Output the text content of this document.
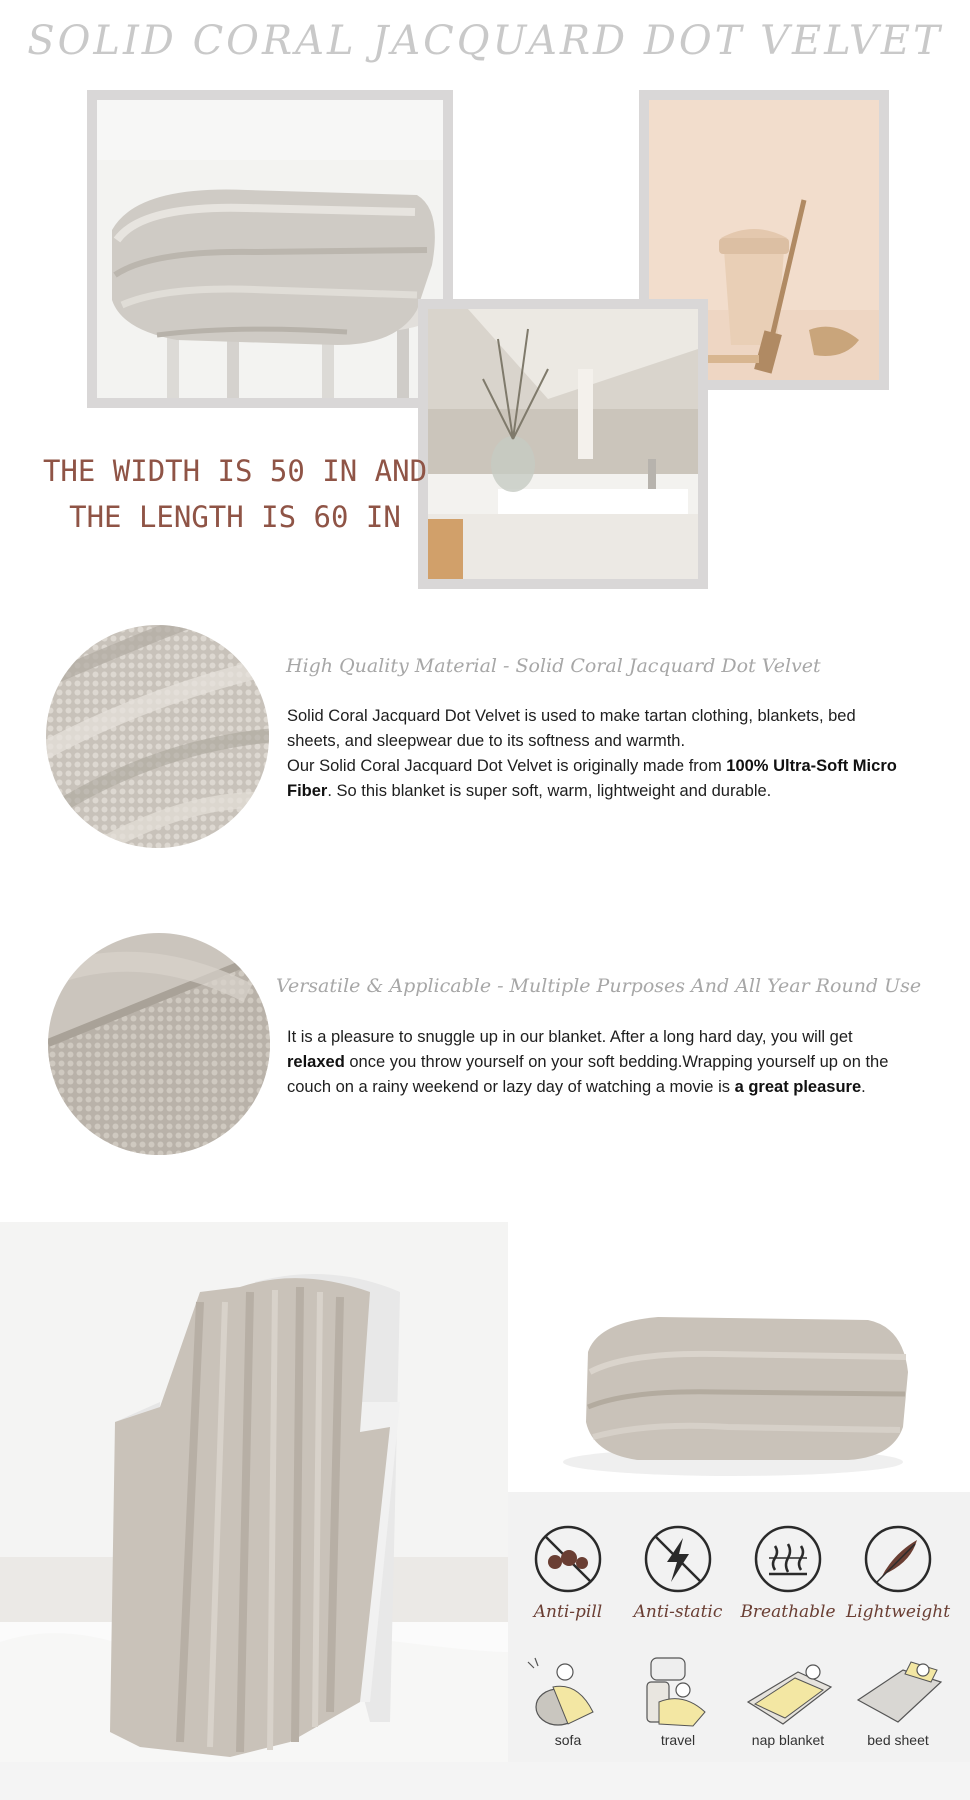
SOLID CORAL JACQUARD DOT VELVET
THE WIDTH IS 50 IN AND
THE LENGTH IS 60 IN
High Quality Material - Solid Coral Jacquard Dot Velvet
Solid Coral Jacquard Dot Velvet is used to make tartan clothing, blankets, bed sheets, and sleepwear due to its softness and warmth.
Our Solid Coral Jacquard Dot Velvet is originally made from 100% Ultra-Soft Micro Fiber. So this blanket is super soft, warm, lightweight and durable.
Versatile & Applicable - Multiple Purposes And All Year Round Use
It is a pleasure to snuggle up in our blanket. After a long hard day, you will get relaxed once you throw yourself on your soft bedding.Wrapping yourself up on the couch on a rainy weekend or lazy day of watching a movie is a great pleasure.
Anti-pill	Anti-static	Breathable Lightweight
sofa	travel	nap blanket	bed sheet
